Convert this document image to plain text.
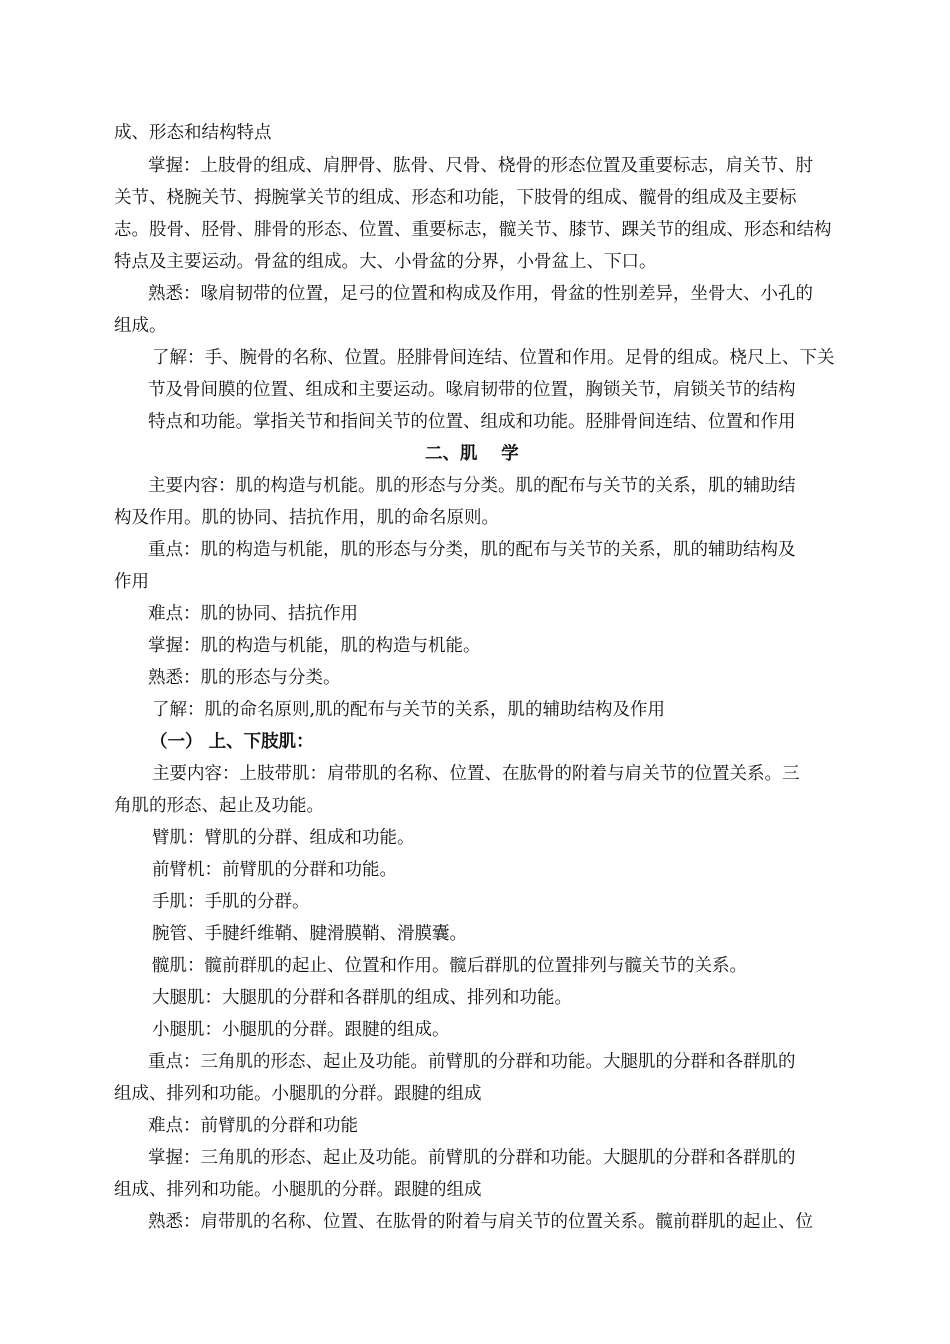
成、形态和结构特点
掌握：上肢骨的组成、肩胛骨、肱骨、尺骨、桡骨的形态位置及重要标志，肩关节、肘
关节、桡腕关节、拇腕掌关节的组成、形态和功能，下肢骨的组成、髋骨的组成及主要标
志。股骨、胫骨、腓骨的形态、位置、重要标志，髋关节、膝节、踝关节的组成、形态和结构
特点及主要运动。骨盆的组成。大、小骨盆的分界，小骨盆上、下口。
熟悉：喙肩韧带的位置，足弓的位置和构成及作用，骨盆的性别差异，坐骨大、小孔的
组成。
了解：手、腕骨的名称、位置。胫腓骨间连结、位置和作用。足骨的组成。桡尺上、下关
节及骨间膜的位置、组成和主要运动。喙肩韧带的位置，胸锁关节，肩锁关节的结构
特点和功能。掌指关节和指间关节的位置、组成和功能。胫腓骨间连结、位置和作用
二、肌　 学
主要内容：肌的构造与机能。肌的形态与分类。肌的配布与关节的关系，肌的辅助结
构及作用。肌的协同、拮抗作用，肌的命名原则。
重点：肌的构造与机能，肌的形态与分类，肌的配布与关节的关系，肌的辅助结构及
作用
难点：肌的协同、拮抗作用
掌握：肌的构造与机能，肌的构造与机能。
熟悉：肌的形态与分类。
了解：肌的命名原则,肌的配布与关节的关系，肌的辅助结构及作用
（一） 上、下肢肌：
主要内容：上肢带肌：肩带肌的名称、位置、在肱骨的附着与肩关节的位置关系。三
角肌的形态、起止及功能。
臂肌：臂肌的分群、组成和功能。
前臂机：前臂肌的分群和功能。
手肌：手肌的分群。
腕管、手腱纤维鞘、腱滑膜鞘、滑膜囊。
髋肌：髋前群肌的起止、位置和作用。髋后群肌的位置排列与髋关节的关系。
大腿肌：大腿肌的分群和各群肌的组成、排列和功能。
小腿肌：小腿肌的分群。跟腱的组成。
重点：三角肌的形态、起止及功能。前臂肌的分群和功能。大腿肌的分群和各群肌的
组成、排列和功能。小腿肌的分群。跟腱的组成
难点：前臂肌的分群和功能
掌握：三角肌的形态、起止及功能。前臂肌的分群和功能。大腿肌的分群和各群肌的
组成、排列和功能。小腿肌的分群。跟腱的组成
熟悉：肩带肌的名称、位置、在肱骨的附着与肩关节的位置关系。髋前群肌的起止、位
